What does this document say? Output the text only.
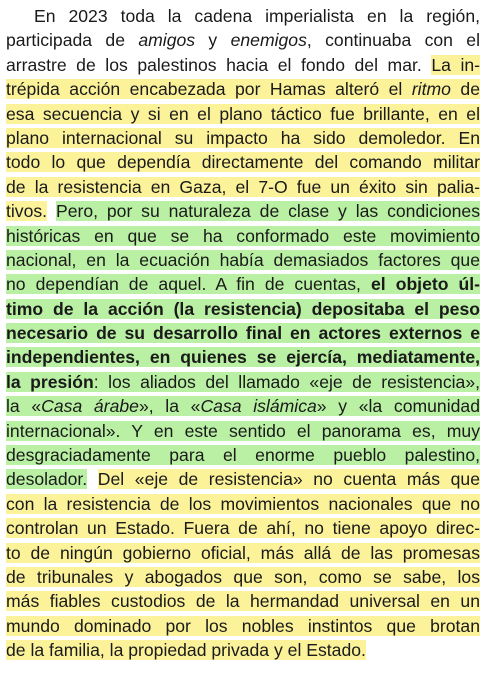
En 2023 toda la cadena imperialista en la región,
participada de amigos y enemigos, continuaba con el
arrastre de los palestinos hacia el fondo del mar. La in-
trépida acción encabezada por Hamas alteró el ritmo de
esa secuencia y si en el plano táctico fue brillante, en el
plano internacional su impacto ha sido demoledor. En
todo lo que dependía directamente del comando militar
de la resistencia en Gaza, el 7-O fue un éxito sin palia-
tivos. Pero, por su naturaleza de clase y las condiciones
históricas en que se ha conformado este movimiento
nacional, en la ecuación había demasiados factores que
no dependían de aquel. A fin de cuentas, el objeto úl-
timo de la acción (la resistencia) depositaba el peso
necesario de su desarrollo final en actores externos e
independientes, en quienes se ejercía, mediatamente,
la presión: los aliados del llamado «eje de resistencia»,
la «Casa árabe», la «Casa islámica» y «la comunidad
internacional». Y en este sentido el panorama es, muy
desgraciadamente para el enorme pueblo palestino,
desolador. Del «eje de resistencia» no cuenta más que
con la resistencia de los movimientos nacionales que no
controlan un Estado. Fuera de ahí, no tiene apoyo direc-
to de ningún gobierno oficial, más allá de las promesas
de tribunales y abogados que son, como se sabe, los
más fiables custodios de la hermandad universal en un
mundo dominado por los nobles instintos que brotan
de la familia, la propiedad privada y el Estado.
